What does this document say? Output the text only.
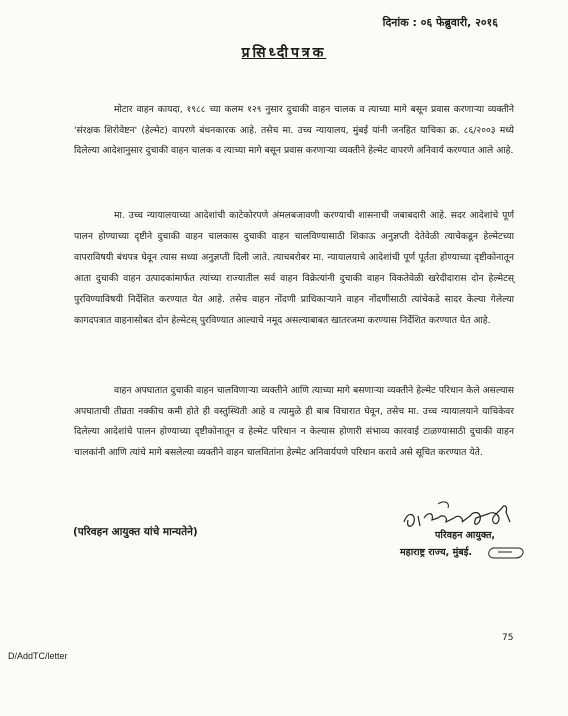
दिनांक : ०६ फेब्रुवारी, २०१६
प्रसिध्दीपत्रक
मोटार वाहन कायदा, १९८८ च्या कलम १२९ नुसार दुचाकी वाहन चालक व त्याच्या मागे बसून प्रवास करणाऱ्या व्यक्तीने 'संरक्षक शिरोवेष्टन' (हेल्मेट) वापरणे बंधनकारक आहे. तसेच मा. उच्च न्यायालय, मुंबई यांनी जनहित याचिका क्र. ८६/२००३ मध्ये दिलेल्या आदेशानुसार दुचाकी वाहन चालक व त्याच्या मागे बसून प्रवास करणाऱ्या व्यक्तीने हेल्मेट वापरणे अनिवार्य करण्यात आले आहे.
मा. उच्च न्यायालयाच्या आदेशांची काटेकोरपणे अंमलबजावणी करण्याची शासनाची जबाबदारी आहे. सदर आदेशांचे पूर्ण पालन होण्याच्या दृष्टीने दुचाकी वाहन चालकास दुचाकी वाहन चालविण्यासाठी शिकाऊ अनुज्ञप्ती देतेवेळी त्याचेकडून हेल्मेटच्या वापराविषयी बंधपत्र घेवून त्यास सध्या अनुज्ञप्ती दिली जाते. त्याचबरोबर मा. न्यायालयाचे आदेशांची पूर्ण पूर्तता होण्याच्या दृष्टीकोनातून आता दुचाकी वाहन उत्पादकांमार्फत त्यांच्या राज्यातील सर्व वाहन विक्रेत्यांनी दुचाकी वाहन विकतेवेळी खरेदीदारास दोन हेल्मेटस् पुरविण्याविषयी निर्देशित करण्यात येत आहे. तसेच वाहन नोंदणी प्राधिकाऱ्याने वाहन नोंदणीसाठी त्यांचेकडे सादर केल्या गेलेल्या कागदपत्रात वाहनासोबत दोन हेल्मेटस् पुरविण्यात आल्याचे नमूद असल्याबाबत खातरजमा करण्यास निर्देशित करण्यात येत आहे.
वाहन अपघातात दुचाकी वाहन चालविणाऱ्या व्यक्तीने आणि त्याच्या मागे बसणाऱ्या व्यक्तीने हेल्मेट परिधान केले असल्यास अपघाताची तीव्रता नक्कीच कमी होते ही वस्तुस्थिती आहे व त्यामुळे ही बाब विचारात घेवून, तसेच मा. उच्च न्यायालयाने याचिकेवर दिलेल्या आदेशांचे पालन होण्याच्या दृष्टीकोनातून व हेल्मेट परिधान न केल्यास होणारी संभाव्य कारवाई टाळण्यासाठी दुचाकी वाहन चालकांनी आणि त्यांचे मागे बसलेल्या व्यक्तीने वाहन चालवितांना हेल्मेट अनिवार्यपणे परिधान करावे असे सूचित करण्यात येते.
(परिवहन आयुक्त यांचे मान्यतेने)	परिवहन आयुक्त,
महाराष्ट्र राज्य, मुंबई.
75
D/AddTC/letter
